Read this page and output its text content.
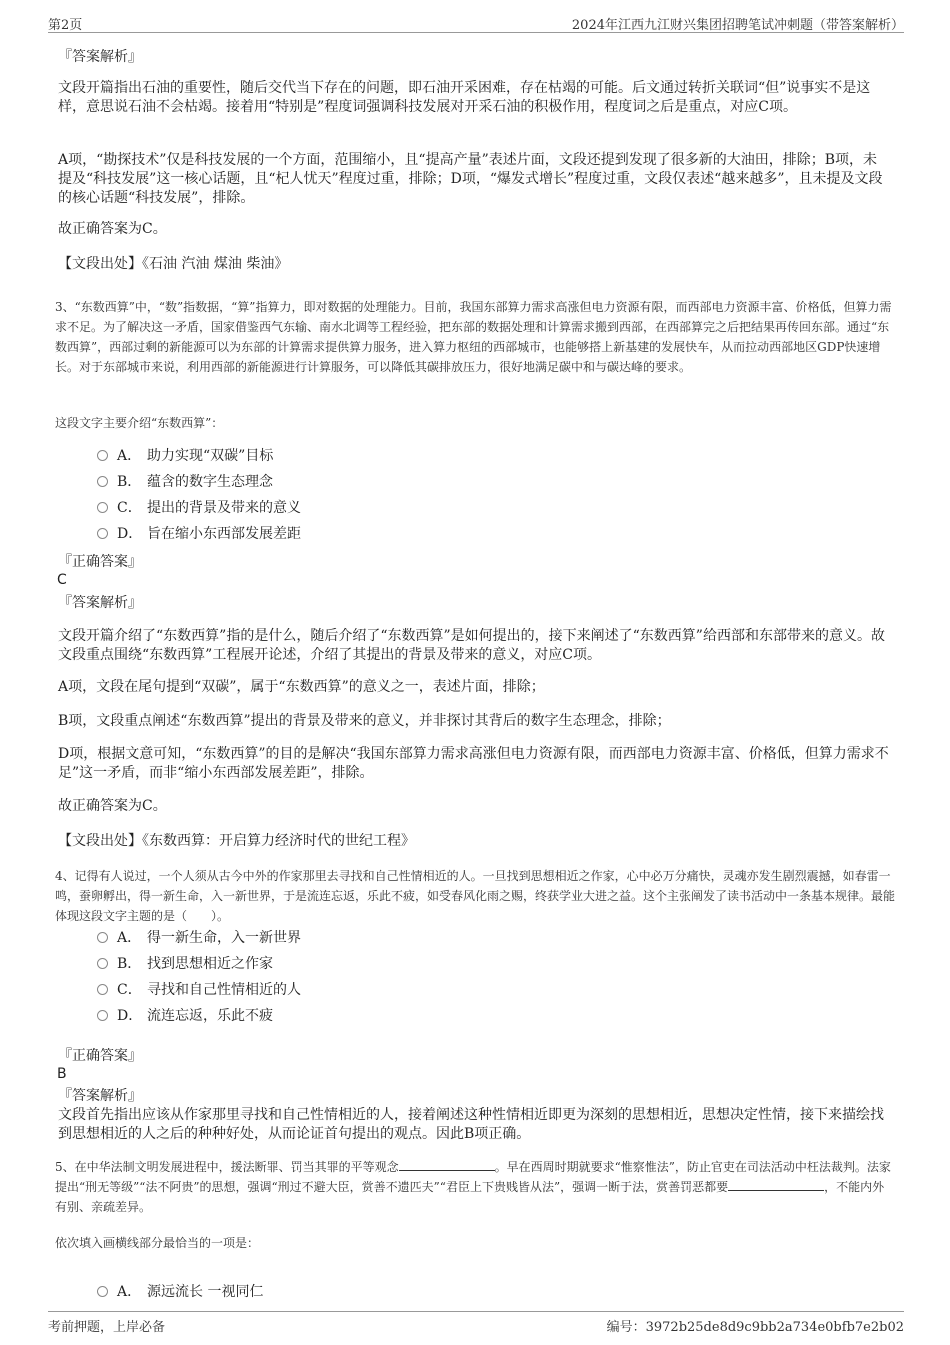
第2页	2024年江西九江财兴集团招聘笔试冲刺题（带答案解析）
『答案解析』

文段开篇指出石油的重要性，随后交代当下存在的问题，即石油开采困难，存在枯竭的可能。后文通过转折关联词“但”说事实不是这样，意思说石油不会枯竭。接着用“特别是”程度词强调科技发展对开采石油的积极作用，程度词之后是重点，对应C项。

A项，“勘探技术”仅是科技发展的一个方面，范围缩小，且“提高产量”表述片面，文段还提到发现了很多新的大油田，排除；B项，未提及“科技发展”这一核心话题，且“杞人忧天”程度过重，排除；D项，“爆发式增长”程度过重，文段仅表述“越来越多”，且未提及文段的核心话题“科技发展”，排除。

故正确答案为C。

【文段出处】《石油 汽油 煤油 柴油》

3、“东数西算”中，“数”指数据，“算”指算力，即对数据的处理能力。目前，我国东部算力需求高涨但电力资源有限，而西部电力资源丰富、价格低，但算力需求不足。为了解决这一矛盾，国家借鉴西气东输、南水北调等工程经验，把东部的数据处理和计算需求搬到西部，在西部算完之后把结果再传回东部。通过“东数西算”，西部过剩的新能源可以为东部的计算需求提供算力服务，进入算力枢纽的西部城市，也能够搭上新基建的发展快车，从而拉动西部地区GDP快速增长。对于东部城市来说，利用西部的新能源进行计算服务，可以降低其碳排放压力，很好地满足碳中和与碳达峰的要求。

这段文字主要介绍“东数西算”：

A． 助力实现“双碳”目标
B． 蕴含的数字生态理念
C． 提出的背景及带来的意义
D． 旨在缩小东西部发展差距
『正确答案』
C
『答案解析』

文段开篇介绍了“东数西算”指的是什么，随后介绍了“东数西算”是如何提出的，接下来阐述了“东数西算”给西部和东部带来的意义。故文段重点围绕“东数西算”工程展开论述，介绍了其提出的背景及带来的意义，对应C项。

A项，文段在尾句提到“双碳”，属于“东数西算”的意义之一，表述片面，排除；

B项，文段重点阐述“东数西算”提出的背景及带来的意义，并非探讨其背后的数字生态理念，排除；

D项，根据文意可知，“东数西算”的目的是解决“我国东部算力需求高涨但电力资源有限，而西部电力资源丰富、价格低，但算力需求不足”这一矛盾，而非“缩小东西部发展差距”，排除。

故正确答案为C。

【文段出处】《东数西算：开启算力经济时代的世纪工程》

4、记得有人说过，一个人须从古今中外的作家那里去寻找和自己性情相近的人。一旦找到思想相近之作家，心中必万分痛快，灵魂亦发生剧烈震撼，如春雷一鸣，蚕卵孵出，得一新生命，入一新世界，于是流连忘返，乐此不疲，如受春风化雨之赐，终获学业大进之益。这个主张阐发了读书活动中一条基本规律。最能体现这段文字主题的是（　　）。

A． 得一新生命，入一新世界
B． 找到思想相近之作家
C． 寻找和自己性情相近的人
D． 流连忘返，乐此不疲
『正确答案』
B
『答案解析』

文段首先指出应该从作家那里寻找和自己性情相近的人，接着阐述这种性情相近即更为深刻的思想相近，思想决定性情，接下来描绘找到思想相近的人之后的种种好处，从而论证首句提出的观点。因此B项正确。

5、在中华法制文明发展进程中，援法断罪、罚当其罪的平等观念	。早在西周时期就要求“惟察惟法”，防止官吏在司法活动中枉法裁判。法家提出“刑无等级”“法不阿贵”的思想，强调“刑过不避大臣，赏善不遗匹夫”“君臣上下贵贱皆从法”，强调一断于法，赏善罚恶都要	，不能内外有别、亲疏差异。

依次填入画横线部分最恰当的一项是：

A． 源远流长 一视同仁
考前押题，上岸必备	编号：3972b25de8d9c9bb2a734e0bfb7e2b02
